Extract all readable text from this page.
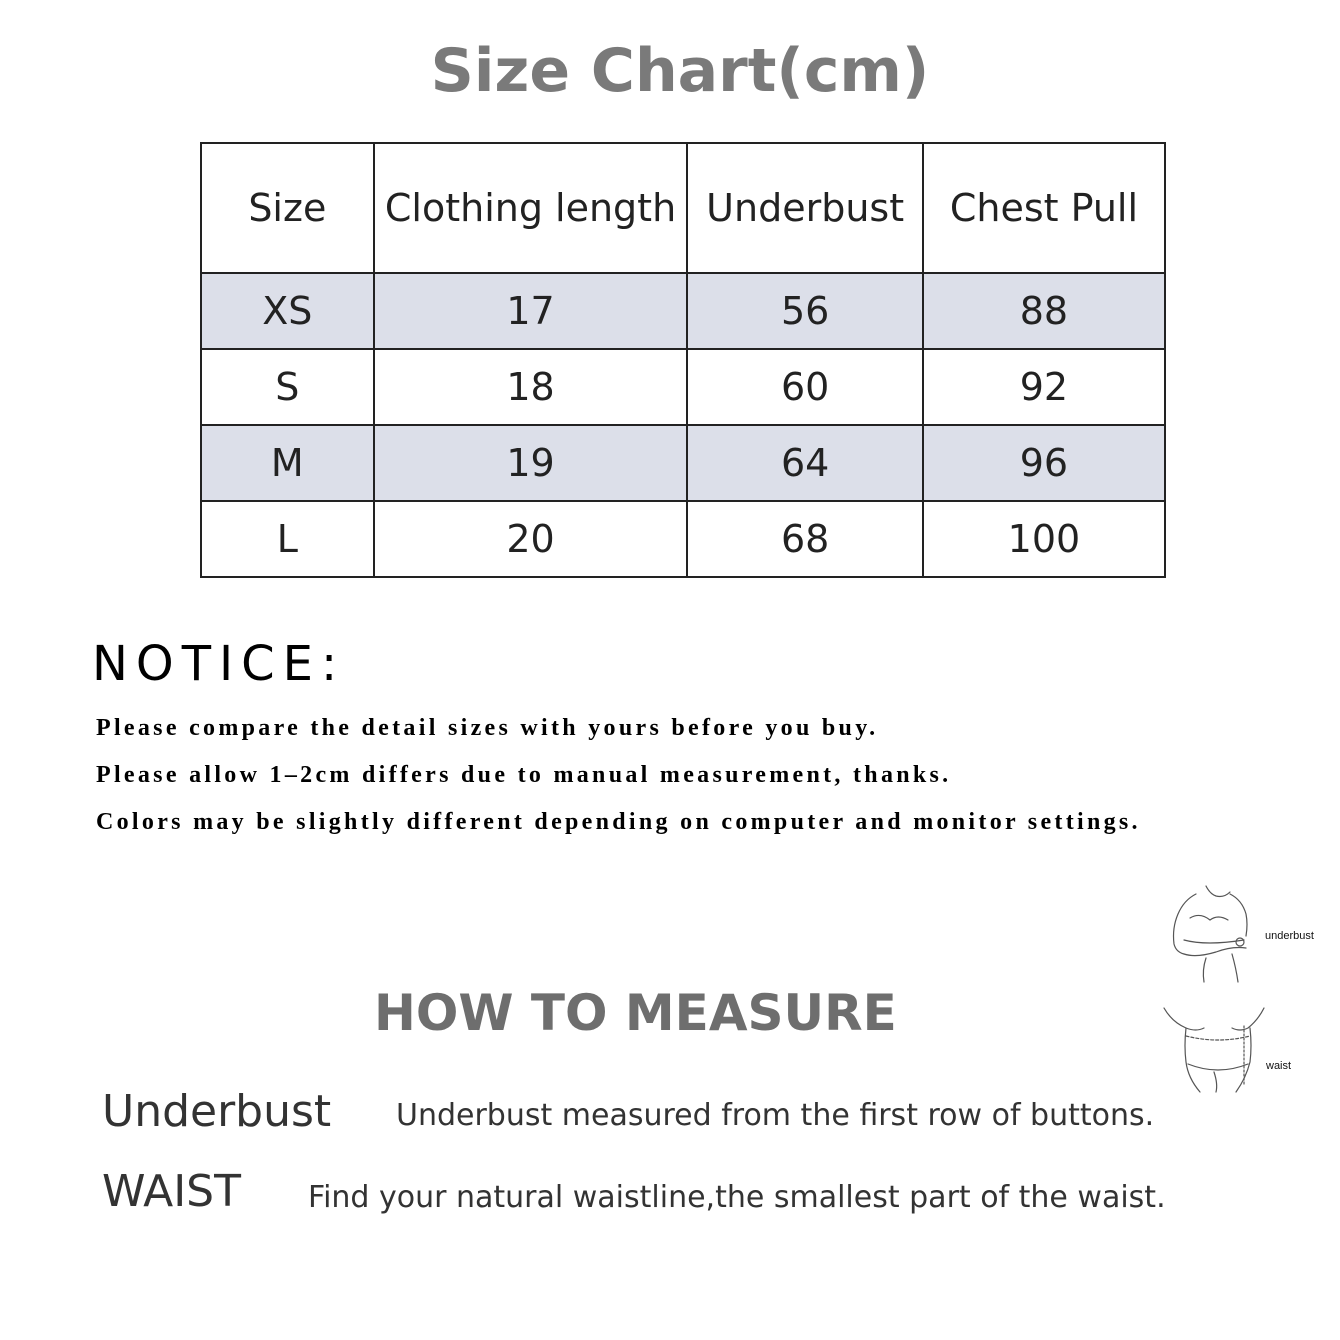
Size Chart(cm)
Size	Clothing length	Underbust	Chest Pull
XS	17	56	88
S	18	60	92
M	19	64	96
L	20	68	100
NOTICE:
Please compare the detail sizes with yours before you buy.
Please allow 1–2cm differs due to manual measurement, thanks.
Colors may be slightly different depending on computer and monitor settings.
underbust
waist
HOW TO MEASURE
Underbust Underbust measured from the first row of buttons.
WAIST Find your natural waistline,the smallest part of the waist.
